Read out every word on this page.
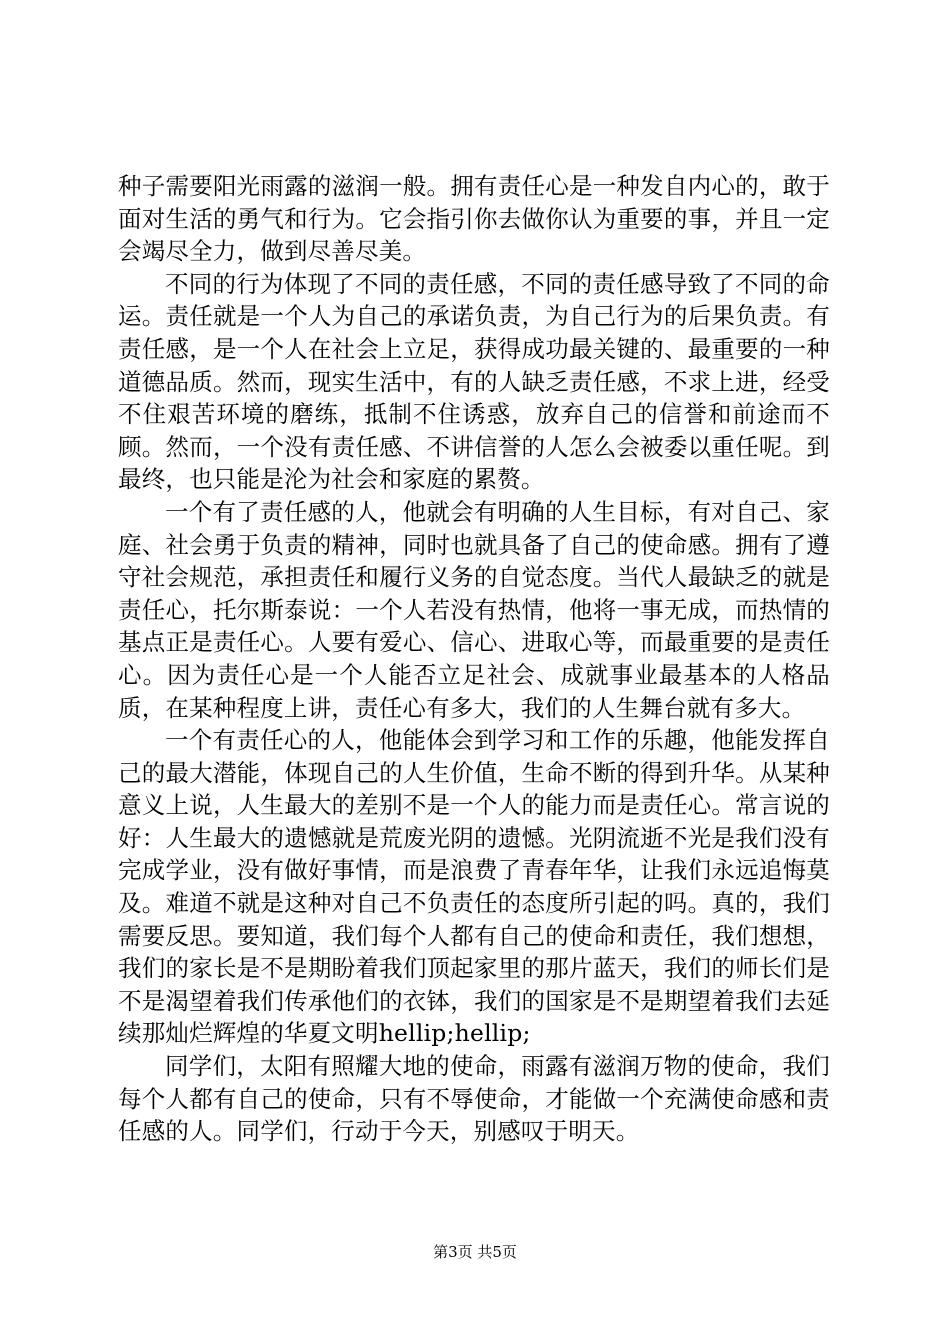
种子需要阳光雨露的滋润一般。拥有责任心是一种发自内心的，敢于面对生活的勇气和行为。它会指引你去做你认为重要的事，并且一定会竭尽全力，做到尽善尽美。

不同的行为体现了不同的责任感，不同的责任感导致了不同的命运。责任就是一个人为自己的承诺负责，为自己行为的后果负责。有责任感，是一个人在社会上立足，获得成功最关键的、最重要的一种道德品质。然而，现实生活中，有的人缺乏责任感，不求上进，经受不住艰苦环境的磨练，抵制不住诱惑，放弃自己的信誉和前途而不顾。然而，一个没有责任感、不讲信誉的人怎么会被委以重任呢。到最终，也只能是沦为社会和家庭的累赘。

一个有了责任感的人，他就会有明确的人生目标，有对自己、家庭、社会勇于负责的精神，同时也就具备了自己的使命感。拥有了遵守社会规范，承担责任和履行义务的自觉态度。当代人最缺乏的就是责任心，托尔斯泰说：一个人若没有热情，他将一事无成，而热情的基点正是责任心。人要有爱心、信心、进取心等，而最重要的是责任心。因为责任心是一个人能否立足社会、成就事业最基本的人格品质，在某种程度上讲，责任心有多大，我们的人生舞台就有多大。

一个有责任心的人，他能体会到学习和工作的乐趣，他能发挥自己的最大潜能，体现自己的人生价值，生命不断的得到升华。从某种意义上说，人生最大的差别不是一个人的能力而是责任心。常言说的好：人生最大的遗憾就是荒废光阴的遗憾。光阴流逝不光是我们没有完成学业，没有做好事情，而是浪费了青春年华，让我们永远追悔莫及。难道不就是这种对自己不负责任的态度所引起的吗。真的，我们需要反思。要知道，我们每个人都有自己的使命和责任，我们想想，我们的家长是不是期盼着我们顶起家里的那片蓝天，我们的师长们是不是渴望着我们传承他们的衣钵，我们的国家是不是期望着我们去延续那灿烂辉煌的华夏文明hellip;hellip;

同学们，太阳有照耀大地的使命，雨露有滋润万物的使命，我们每个人都有自己的使命，只有不辱使命，才能做一个充满使命感和责任感的人。同学们，行动于今天，别感叹于明天。

第3页 共5页
